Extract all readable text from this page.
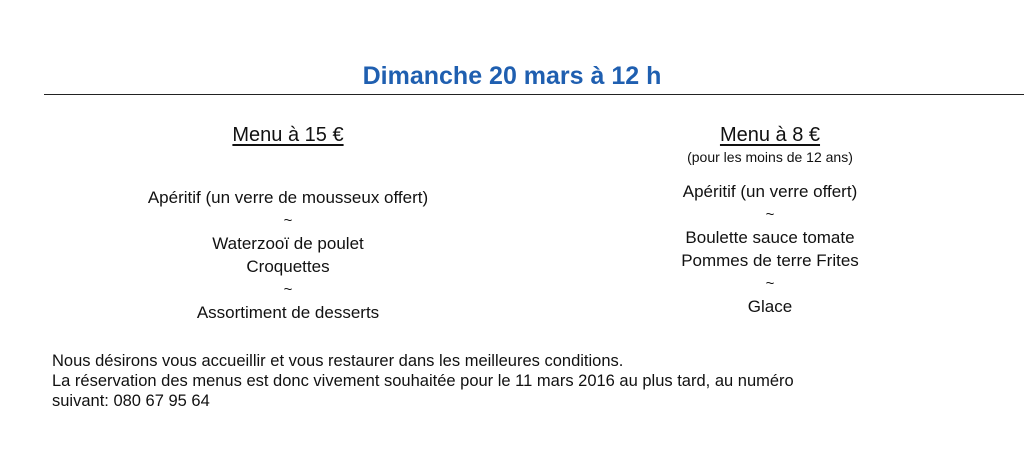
Dimanche 20 mars à 12 h
Menu à 15 €
Apéritif (un verre de mousseux offert)
~
Waterzooï de poulet
Croquettes
~
Assortiment de desserts
Menu à 8 €
(pour les moins de 12 ans)
Apéritif (un verre offert)
~
Boulette sauce tomate
Pommes de terre Frites
~
Glace
Nous désirons vous accueillir et vous restaurer dans les meilleures conditions.
La réservation des menus est donc vivement souhaitée pour le 11 mars 2016 au plus tard, au numéro
suivant: 080 67 95 64
